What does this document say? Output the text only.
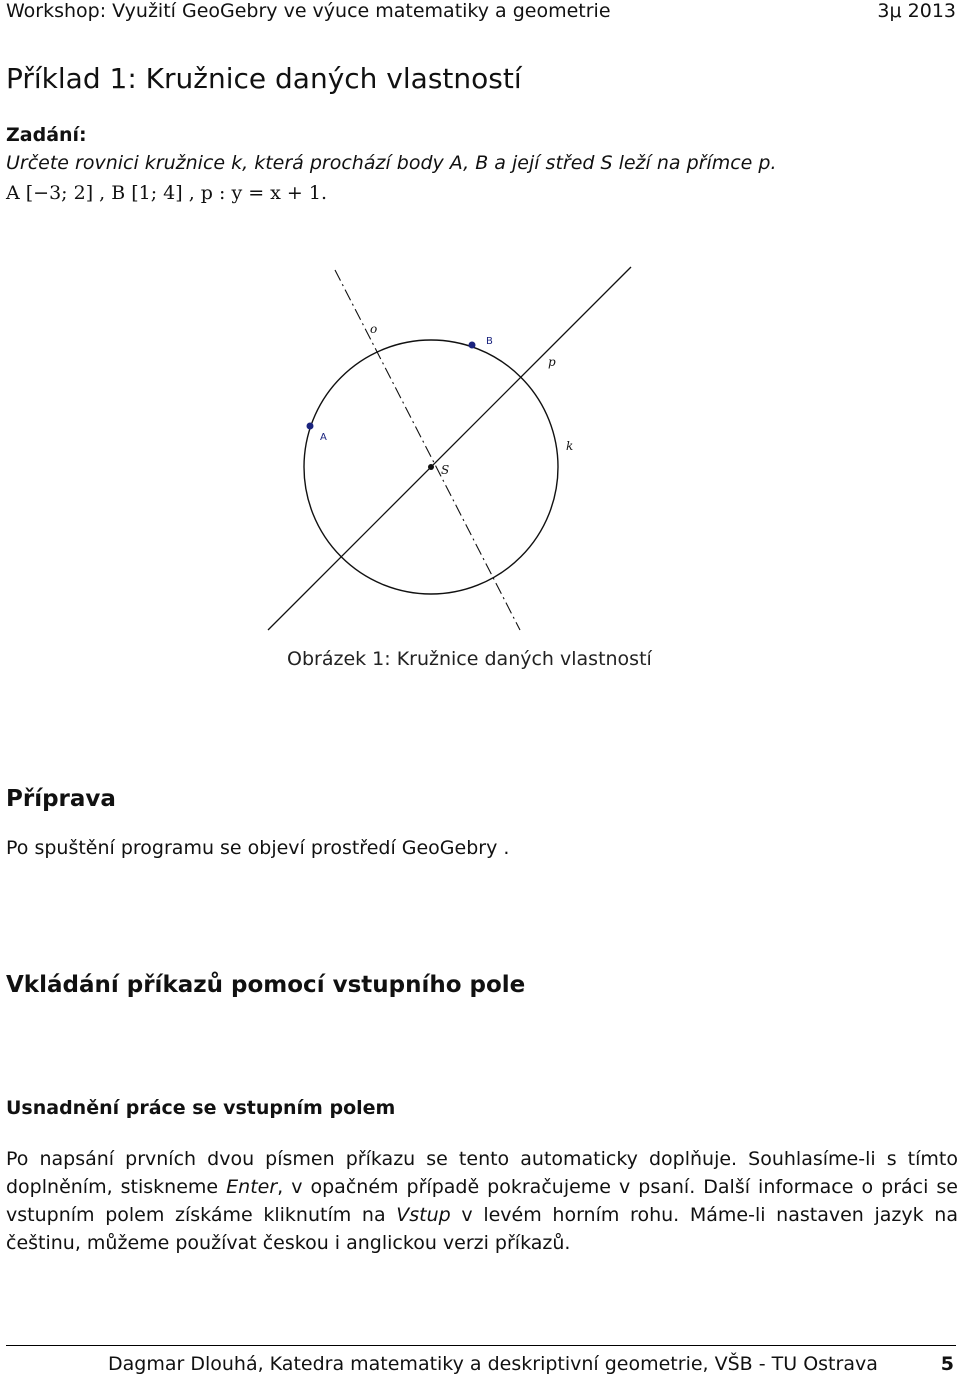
Workshop: Využití GeoGebry ve výuce matematiky a geometrie	3μ 2013
Příklad 1: Kružnice daných vlastností
Zadání:
Určete rovnici kružnice k, která prochází body A, B a její střed S leží na přímce p.
A [−3; 2] , B [1; 4] , p : y = x + 1.
o
B
p
A
k
S
Obrázek 1: Kružnice daných vlastností
Příprava
Po spuštění programu se objeví prostředí GeoGebry .
Vkládání příkazů pomocí vstupního pole
Usnadnění práce se vstupním polem
Po napsání prvních dvou písmen příkazu se tento automaticky doplňuje. Souhlasíme-li s tímto doplněním, stiskneme Enter, v opačném případě pokračujeme v psaní. Další informace o práci se vstupním polem získáme kliknutím na Vstup v levém horním rohu. Máme-li nastaven jazyk na češtinu, můžeme používat českou i anglickou verzi příkazů.
Dagmar Dlouhá, Katedra matematiky a deskriptivní geometrie, VŠB - TU Ostrava	5
